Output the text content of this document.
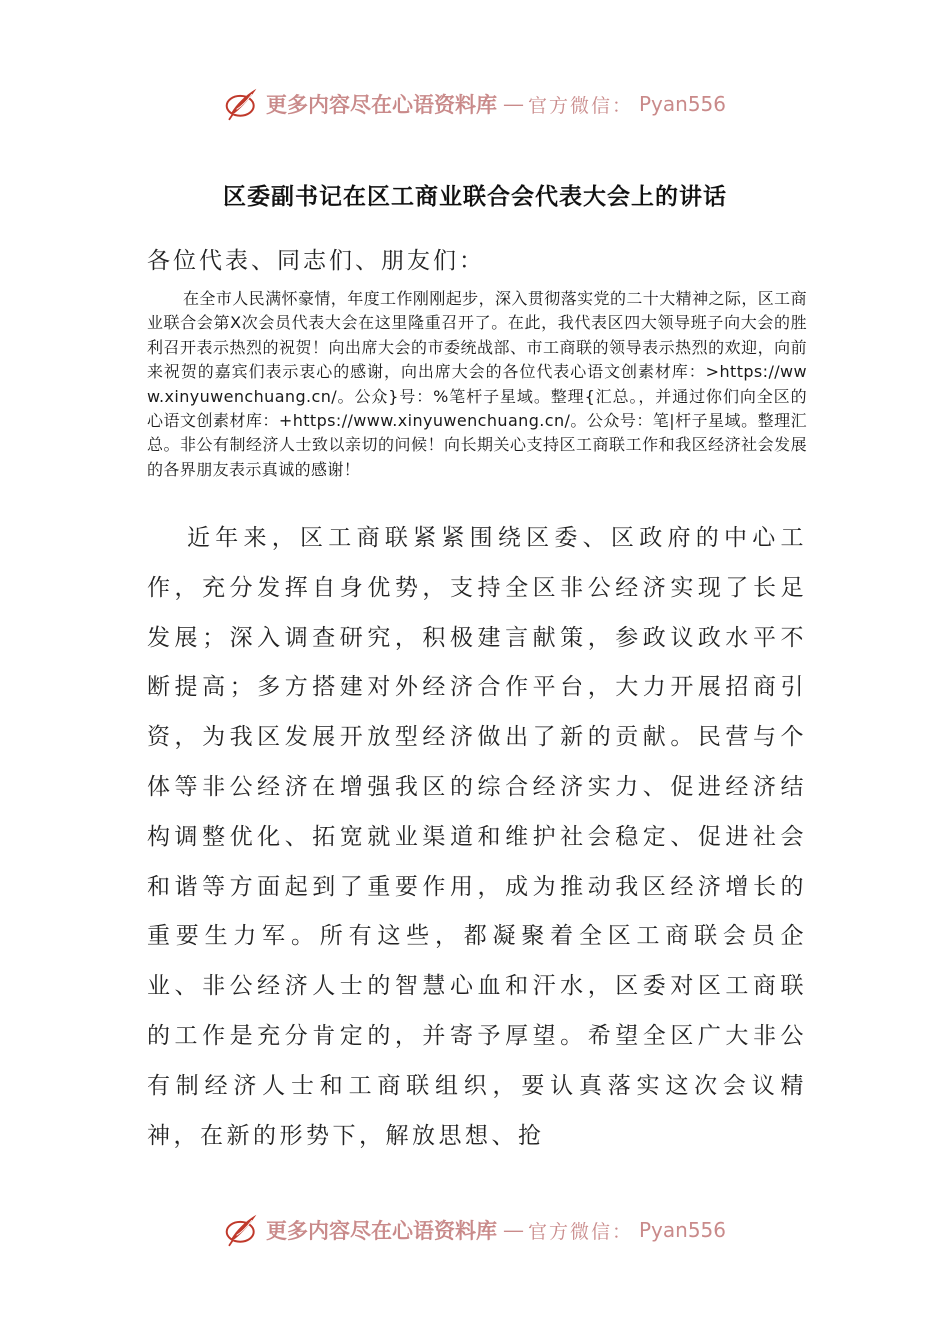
更多内容尽在心语资料库 — 官方微信： Pyan556
区委副书记在区工商业联合会代表大会上的讲话
各位代表、同志们、朋友们：
在全市人民满怀豪情，年度工作刚刚起步，深入贯彻落实党的二十大精神之际，区工商业联合会第X次会员代表大会在这里隆重召开了。在此，我代表区四大领导班子向大会的胜利召开表示热烈的祝贺！向出席大会的市委统战部、市工商联的领导表示热烈的欢迎，向前来祝贺的嘉宾们表示衷心的感谢，向出席大会的各位代表心语文创素材库：>https://www.xinyuwenchuang.cn/。公众}号：%笔杆子星域。整理{汇总。，并通过你们向全区的心语文创素材库：+https://www.xinyuwenchuang.cn/。公众号：笔|杆子星域。整理汇总。非公有制经济人士致以亲切的问候！向长期关心支持区工商联工作和我区经济社会发展的各界朋友表示真诚的感谢！
近年来，区工商联紧紧围绕区委、区政府的中心工作，充分发挥自身优势，支持全区非公经济实现了长足发展；深入调查研究，积极建言献策，参政议政水平不断提高；多方搭建对外经济合作平台，大力开展招商引资，为我区发展开放型经济做出了新的贡献。民营与个体等非公经济在增强我区的综合经济实力、促进经济结构调整优化、拓宽就业渠道和维护社会稳定、促进社会和谐等方面起到了重要作用，成为推动我区经济增长的重要生力军。所有这些，都凝聚着全区工商联会员企业、非公经济人士的智慧心血和汗水，区委对区工商联的工作是充分肯定的，并寄予厚望。希望全区广大非公有制经济人士和工商联组织，要认真落实这次会议精神，在新的形势下，解放思想、抢
更多内容尽在心语资料库 — 官方微信： Pyan556
